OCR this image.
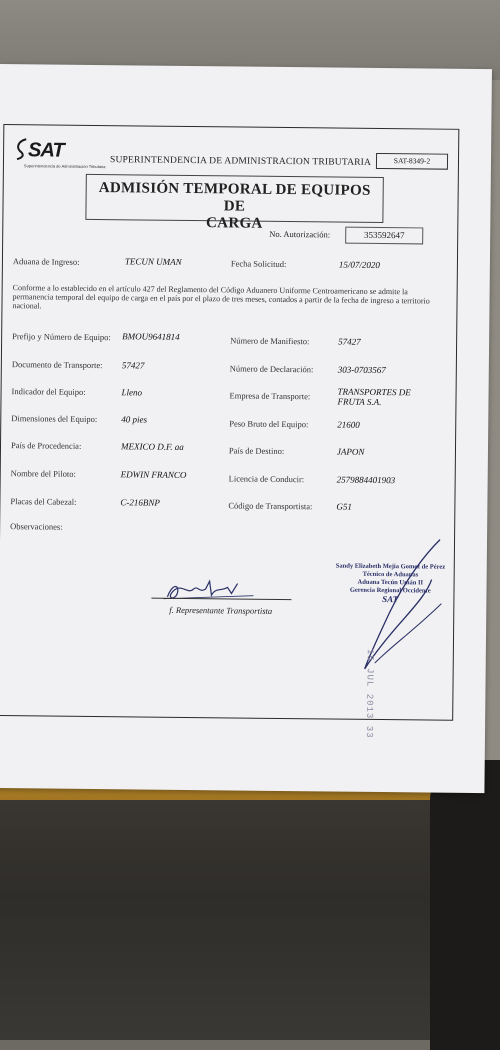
SAT
Superintendencia de Administración Tributaria SUPERINTENDENCIA DE ADMINISTRACION TRIBUTARIA	SAT-8349-2
ADMISIÓN TEMPORAL DE EQUIPOS DE
CARGA
No. Autorización:	353592647
Aduana de Ingreso:	TECUN UMAN	Fecha Solicitud:	15/07/2020
Conforme a lo establecido en el artículo 427 del Reglamento del Código Aduanero Uniforme Centroamericano se admite la permanencia temporal del equipo de carga en el país por el plazo de tres meses, contados a partir de la fecha de ingreso a territorio nacional.
Prefijo y Número de Equipo: BMOU9641814	Número de Manifiesto:	57427
Documento de Transporte: 57427	Número de Declaración:	303-0703567
Indicador del Equipo:	Lleno	Empresa de Transporte:	TRANSPORTES DE FRUTA S.A.
Dimensiones del Equipo:	40 pies	Peso Bruto del Equipo:	21600
País de Procedencia:	MEXICO D.F. aa	País de Destino:	JAPON
Nombre del Piloto:	EDWIN FRANCO	Licencia de Conducir:	2579884401903
Placas del Cabezal:	C-216BNP	Código de Transportista:	G51
Observaciones:
f. Representante Transportista
Sandy Elizabeth Mejía Gomez de Pérez
Técnico de Aduanas
Aduana Tecún Umán II
Gerencia Regional Occidente
SAT
15 JUL 2013 33
